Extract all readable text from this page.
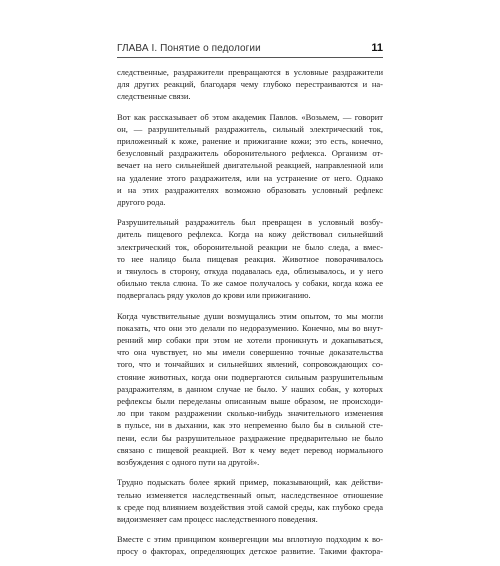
ГЛАВА I. Понятие о педологии	11

следственные, раздражители превращаются в условные раздражители
для других реакций, благодаря чему глубоко перестраиваются и на-
следственные связи.

Вот как рассказывает об этом академик Павлов. «Возьмем, — говорит
он, — разрушительный раздражитель, сильный электрический ток,
приложенный к коже, ранение и прижигание кожи; это есть, конечно,
безусловный раздражитель оборонительного рефлекса. Организм от-
вечает на него сильнейшей двигательной реакцией, направленной или
на удаление этого раздражителя, или на устранение от него. Однако
и на этих раздражителях возможно образовать условный рефлекс
другого рода.

Разрушительный раздражитель был превращен в условный возбу-
дитель пищевого рефлекса. Когда на кожу действовал сильнейший
электрический ток, оборонительной реакции не было следа, а вмес-
то нее налицо была пищевая реакция. Животное поворачивалось
и тянулось в сторону, откуда подавалась еда, облизывалось, и у него
обильно текла слюна. То же самое получалось у собаки, когда кожа ее
подвергалась ряду уколов до крови или прижиганию.

Когда чувствительные души возмущались этим опытом, то мы могли
показать, что они это делали по недоразумению. Конечно, мы во внут-
ренний мир собаки при этом не хотели проникнуть и докапываться,
что она чувствует, но мы имели совершенно точные доказательства
того, что и тончайших и сильнейших явлений, сопровождающих со-
стояние животных, когда они подвергаются сильным разрушительным
раздражителям, в данном случае не было. У наших собак, у которых
рефлексы были переделаны описанным выше образом, не происходи-
ло при таком раздражении сколько-нибудь значительного изменения
в пульсе, ни в дыхании, как это непременно было бы в сильной сте-
пени, если бы разрушительное раздражение предварительно не было
связано с пищевой реакцией. Вот к чему ведет перевод нормального
возбуждения с одного пути на другой».

Трудно подыскать более яркий пример, показывающий, как действи-
тельно изменяется наследственный опыт, наследственное отношение
к среде под влиянием воздействия этой самой среды, как глубоко среда
видоизменяет сам процесс наследственного поведения.

Вместе с этим принципом конвергенции мы вплотную подходим к во-
просу о факторах, определяющих детское развитие. Такими фактора-
